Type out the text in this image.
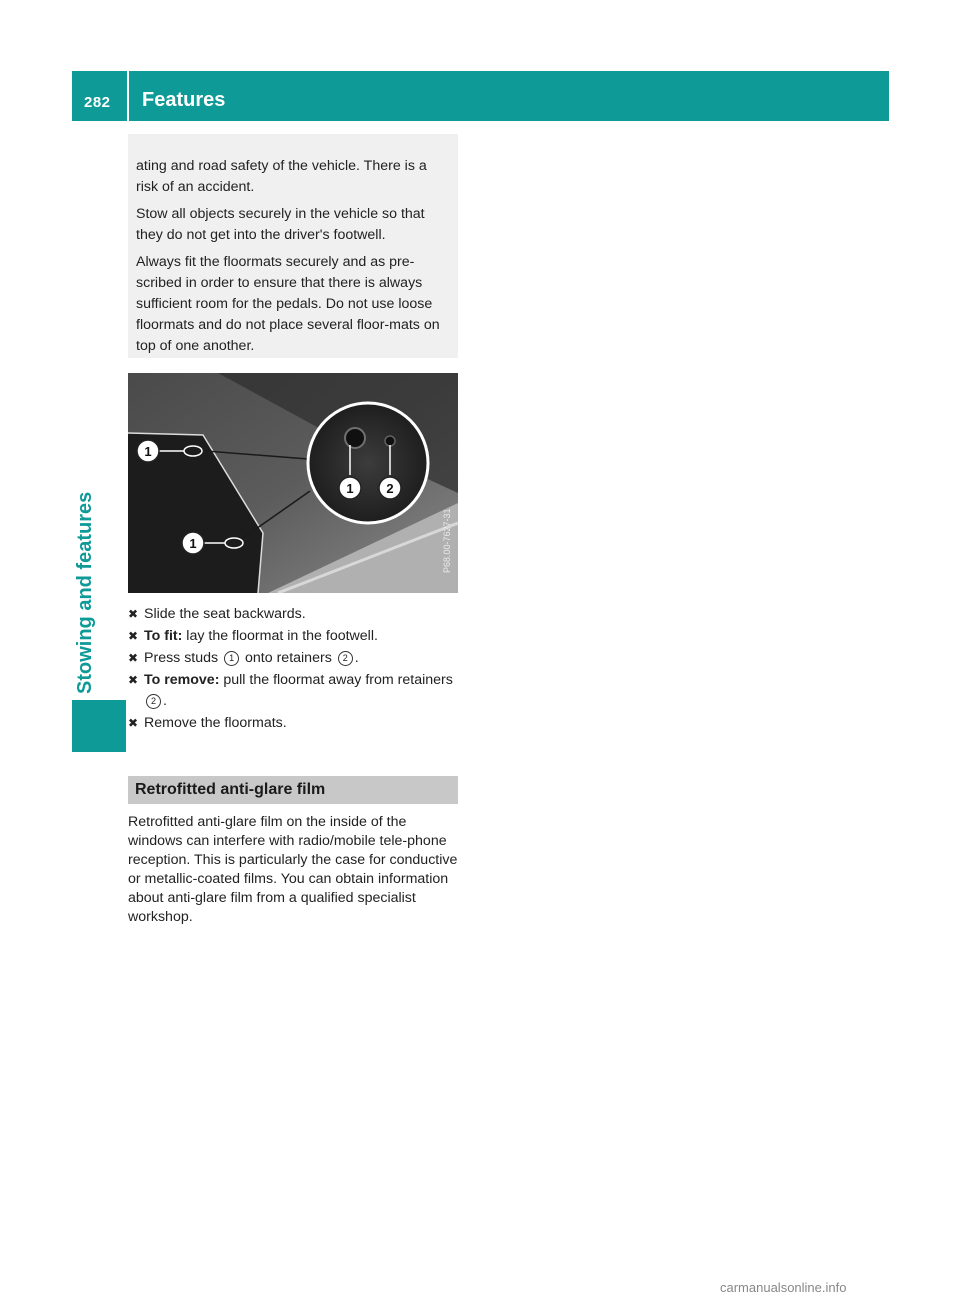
282 Features
Stowing and features

ating and road safety of the vehicle. There is a risk of an accident.

Stow all objects securely in the vehicle so that they do not get into the driver's footwell.

Always fit the floormats securely and as pre-scribed in order to ensure that there is always sufficient room for the pedals. Do not use loose floormats and do not place several floor-mats on top of one another.

1
1
1	2
P68.00-7627-31
✖ Slide the seat backwards.
✖ To fit: lay the floormat in the footwell.
✖ Press studs 1 onto retainers 2 .
✖ To remove: pull the floormat away from retainers 2 .
✖ Remove the floormats.
Retrofitted anti-glare film
Retrofitted anti-glare film on the inside of the windows can interfere with radio/mobile tele-phone reception. This is particularly the case for conductive or metallic-coated films. You can obtain information about anti-glare film from a qualified specialist workshop.
carmanualsonline.info
